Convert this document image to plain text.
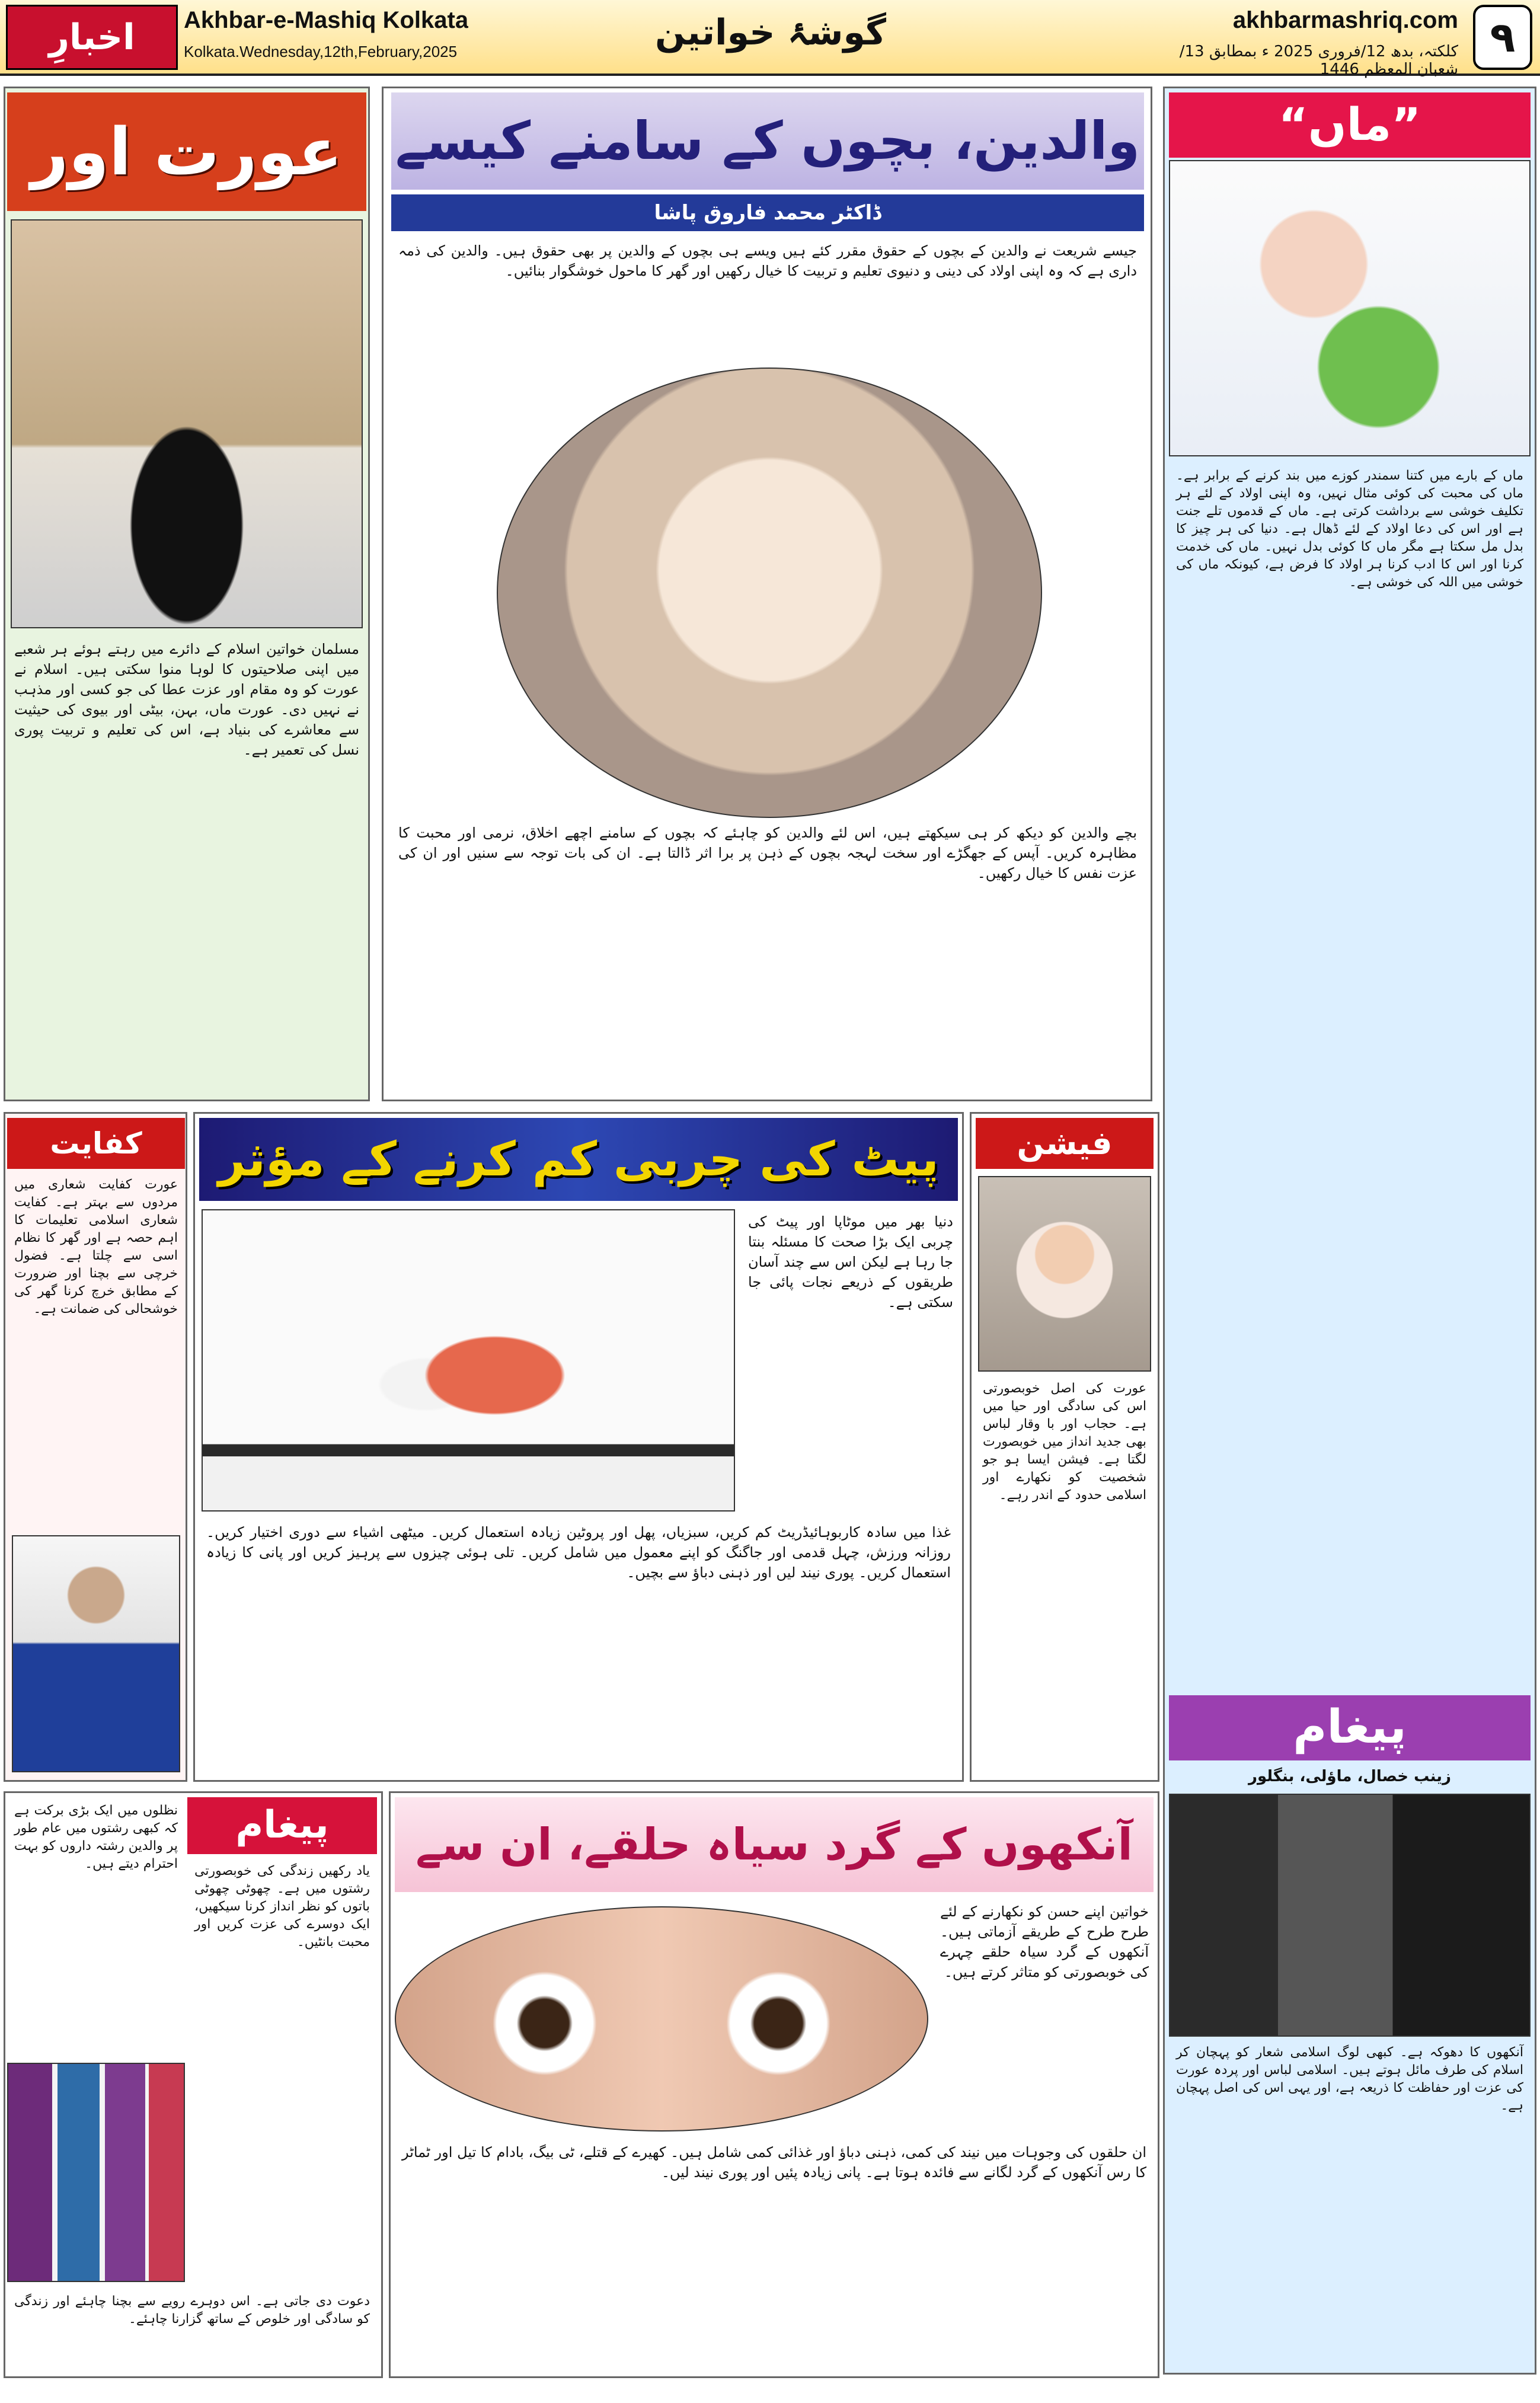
اخبارِ	Akhbar-e-Mashiq Kolkata
Kolkata.Wednesday,12th,February,2025	گوشۂ خواتین	akhbarmashriq.com
کلکتہ، بدھ 12/فروری 2025 ء بمطابق 13/شعبان المعظم 1446
۹
عورت اور
مسلمان خواتین اسلام کے دائرے میں رہتے ہوئے ہر شعبے میں اپنی صلاحیتوں کا لوہا منوا سکتی ہیں۔ اسلام نے عورت کو وہ مقام اور عزت عطا کی جو کسی اور مذہب نے نہیں دی۔ عورت ماں، بہن، بیٹی اور بیوی کی حیثیت سے معاشرے کی بنیاد ہے، اس کی تعلیم و تربیت پوری نسل کی تعمیر ہے۔
والدین، بچوں کے سامنے کیسے
ڈاکٹر محمد فاروق پاشا
جیسے شریعت نے والدین کے بچوں کے حقوق مقرر کئے ہیں ویسے ہی بچوں کے والدین پر بھی حقوق ہیں۔ والدین کی ذمہ داری ہے کہ وہ اپنی اولاد کی دینی و دنیوی تعلیم و تربیت کا خیال رکھیں اور گھر کا ماحول خوشگوار بنائیں۔
بچے والدین کو دیکھ کر ہی سیکھتے ہیں، اس لئے والدین کو چاہئے کہ بچوں کے سامنے اچھے اخلاق، نرمی اور محبت کا مظاہرہ کریں۔ آپس کے جھگڑے اور سخت لہجہ بچوں کے ذہن پر برا اثر ڈالتا ہے۔ ان کی بات توجہ سے سنیں اور ان کی عزت نفس کا خیال رکھیں۔
”ماں“
ماں کے بارے میں کتنا سمندر کوزے میں بند کرنے کے برابر ہے۔ ماں کی محبت کی کوئی مثال نہیں، وہ اپنی اولاد کے لئے ہر تکلیف خوشی سے برداشت کرتی ہے۔ ماں کے قدموں تلے جنت ہے اور اس کی دعا اولاد کے لئے ڈھال ہے۔ دنیا کی ہر چیز کا بدل مل سکتا ہے مگر ماں کا کوئی بدل نہیں۔ ماں کی خدمت کرنا اور اس کا ادب کرنا ہر اولاد کا فرض ہے، کیونکہ ماں کی خوشی میں اللہ کی خوشی ہے۔
پیغام
زینب خصال، ماؤلی، بنگلور
آنکھوں کا دھوکہ ہے۔ کبھی لوگ اسلامی شعار کو پہچان کر اسلام کی طرف مائل ہوتے ہیں۔ اسلامی لباس اور پردہ عورت کی عزت اور حفاظت کا ذریعہ ہے، اور یہی اس کی اصل پہچان ہے۔
کفایت
عورت کفایت شعاری میں مردوں سے بہتر ہے۔ کفایت شعاری اسلامی تعلیمات کا اہم حصہ ہے اور گھر کا نظام اسی سے چلتا ہے۔ فضول خرچی سے بچنا اور ضرورت کے مطابق خرچ کرنا گھر کی خوشحالی کی ضمانت ہے۔
پیٹ کی چربی کم کرنے کے مؤثر
دنیا بھر میں موٹاپا اور پیٹ کی چربی ایک بڑا صحت کا مسئلہ بنتا جا رہا ہے لیکن اس سے چند آسان طریقوں کے ذریعے نجات پائی جا سکتی ہے۔
غذا میں سادہ کاربوہائیڈریٹ کم کریں، سبزیاں، پھل اور پروٹین زیادہ استعمال کریں۔ میٹھی اشیاء سے دوری اختیار کریں۔ روزانہ ورزش، چہل قدمی اور جاگنگ کو اپنے معمول میں شامل کریں۔ تلی ہوئی چیزوں سے پرہیز کریں اور پانی کا زیادہ استعمال کریں۔ پوری نیند لیں اور ذہنی دباؤ سے بچیں۔
فیشن
عورت کی اصل خوبصورتی اس کی سادگی اور حیا میں ہے۔ حجاب اور با وقار لباس بھی جدید انداز میں خوبصورت لگتا ہے۔ فیشن ایسا ہو جو شخصیت کو نکھارے اور اسلامی حدود کے اندر رہے۔
پیغام
نظلوں میں ایک بڑی برکت ہے کہ کبھی رشتوں میں عام طور پر والدین رشتہ داروں کو بہت احترام دیتے ہیں۔	یاد رکھیں زندگی کی خوبصورتی رشتوں میں ہے۔ چھوٹی چھوٹی باتوں کو نظر انداز کرنا سیکھیں، ایک دوسرے کی عزت کریں اور محبت بانٹیں۔
دعوت دی جاتی ہے۔ اس دوہرے رویے سے بچنا چاہئے اور زندگی کو سادگی اور خلوص کے ساتھ گزارنا چاہئے۔
آنکھوں کے گرد سیاہ حلقے، ان سے
خواتین اپنے حسن کو نکھارنے کے لئے طرح طرح کے طریقے آزماتی ہیں۔ آنکھوں کے گرد سیاہ حلقے چہرے کی خوبصورتی کو متاثر کرتے ہیں۔
ان حلقوں کی وجوہات میں نیند کی کمی، ذہنی دباؤ اور غذائی کمی شامل ہیں۔ کھیرے کے قتلے، ٹی بیگ، بادام کا تیل اور ٹماٹر کا رس آنکھوں کے گرد لگانے سے فائدہ ہوتا ہے۔ پانی زیادہ پئیں اور پوری نیند لیں۔
